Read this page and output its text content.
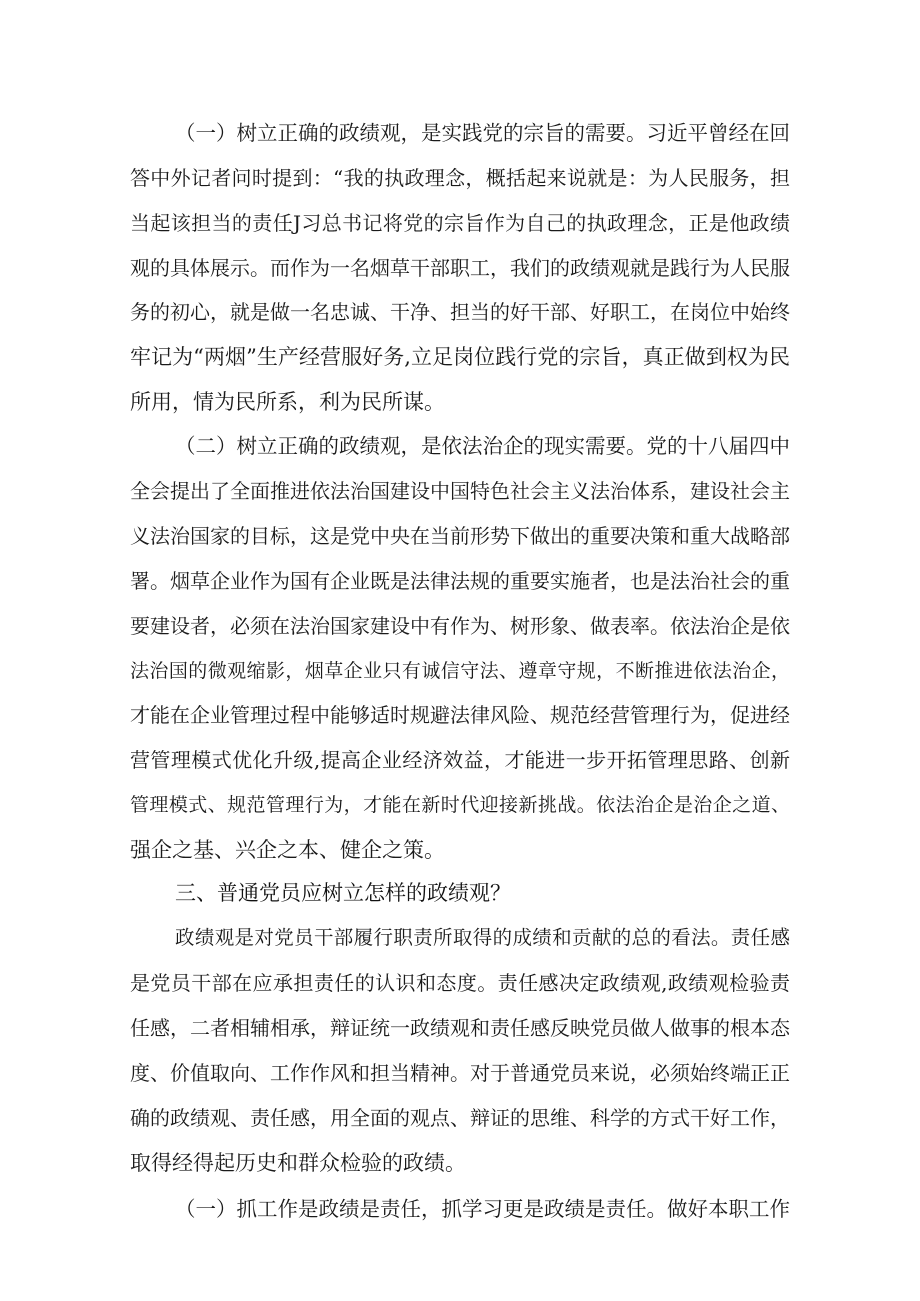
（一）树立正确的政绩观，是实践党的宗旨的需要。习近平曾经在回
答中外记者问时提到：“我的执政理念，概括起来说就是：为人民服务，担
当起该担当的责任J习总书记将党的宗旨作为自己的执政理念，正是他政绩
观的具体展示。而作为一名烟草干部职工，我们的政绩观就是践行为人民服
务的初心，就是做一名忠诚、干净、担当的好干部、好职工，在岗位中始终
牢记为“两烟”生产经营服好务,立足岗位践行党的宗旨，真正做到权为民
所用，情为民所系，利为民所谋。
（二）树立正确的政绩观，是依法治企的现实需要。党的十八届四中
全会提出了全面推进依法治国建设中国特色社会主义法治体系，建设社会主
义法治国家的目标，这是党中央在当前形势下做出的重要决策和重大战略部
署。烟草企业作为国有企业既是法律法规的重要实施者，也是法治社会的重
要建设者，必须在法治国家建设中有作为、树形象、做表率。依法治企是依
法治国的微观缩影，烟草企业只有诚信守法、遵章守规，不断推进依法治企，
才能在企业管理过程中能够适时规避法律风险、规范经营管理行为，促进经
营管理模式优化升级,提高企业经济效益，才能进一步开拓管理思路、创新
管理模式、规范管理行为，才能在新时代迎接新挑战。依法治企是治企之道、
强企之基、兴企之本、健企之策。
三、普通党员应树立怎样的政绩观？
政绩观是对党员干部履行职责所取得的成绩和贡献的总的看法。责任感
是党员干部在应承担责任的认识和态度。责任感决定政绩观,政绩观检验责
任感，二者相辅相承，辩证统一政绩观和责任感反映党员做人做事的根本态
度、价值取向、工作作风和担当精神。对于普通党员来说，必须始终端正正
确的政绩观、责任感，用全面的观点、辩证的思维、科学的方式干好工作，
取得经得起历史和群众检验的政绩。
（一）抓工作是政绩是责任，抓学习更是政绩是责任。做好本职工作
